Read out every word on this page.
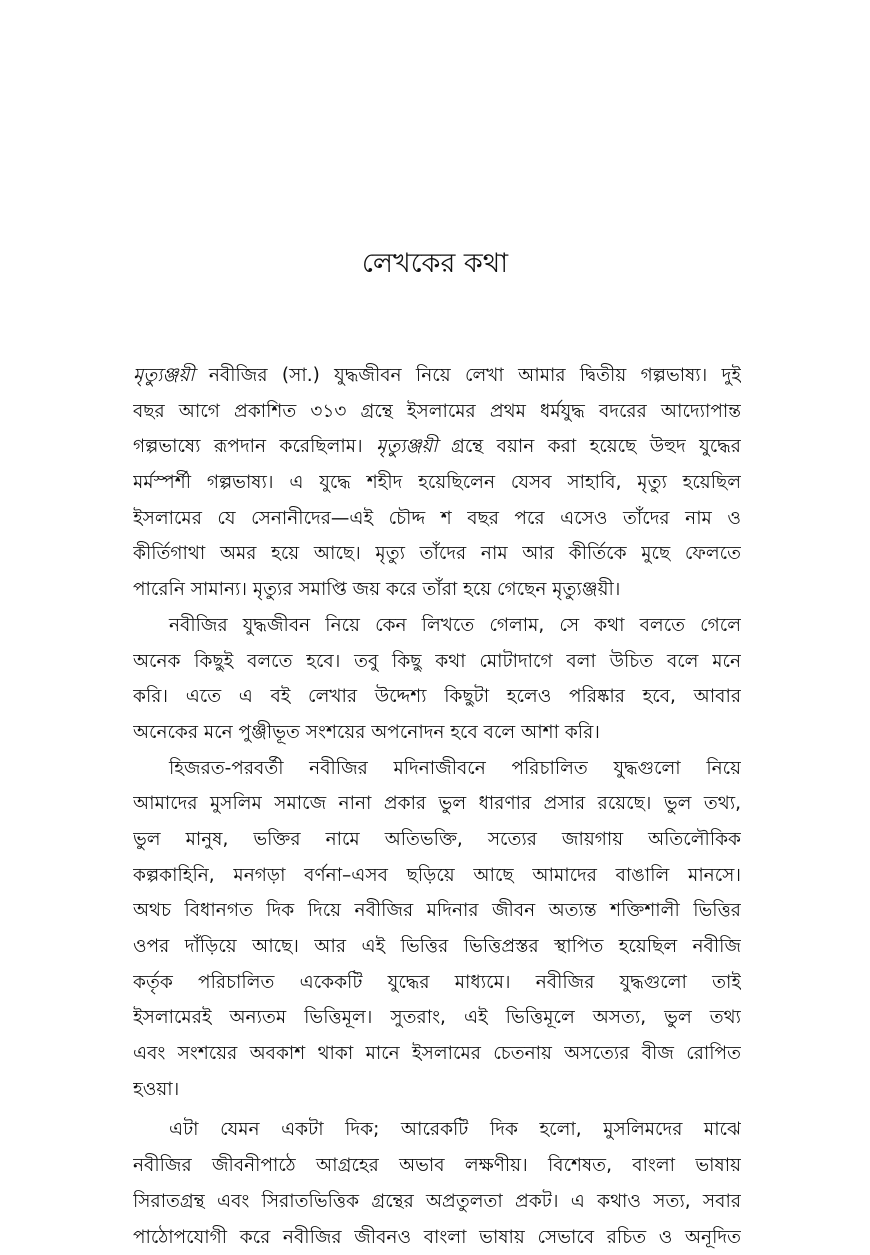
লেখকের কথা

মৃত্যুঞ্জয়ী নবীজির (সা.) যুদ্ধজীবন নিয়ে লেখা আমার দ্বিতীয় গল্পভাষ্য। দুই
বছর আগে প্রকাশিত ৩১৩ গ্রন্থে ইসলামের প্রথম ধর্মযুদ্ধ বদরের আদ্যোপান্ত
গল্পভাষ্যে রূপদান করেছিলাম। মৃত্যুঞ্জয়ী গ্রন্থে বয়ান করা হয়েছে উহুদ যুদ্ধের
মর্মস্পর্শী গল্পভাষ্য। এ যুদ্ধে শহীদ হয়েছিলেন যেসব সাহাবি, মৃত্যু হয়েছিল
ইসলামের যে সেনানীদের—এই চৌদ্দ শ বছর পরে এসেও তাঁদের নাম ও
কীর্তিগাথা অমর হয়ে আছে। মৃত্যু তাঁদের নাম আর কীর্তিকে মুছে ফেলতে
পারেনি সামান্য। মৃত্যুর সমাপ্তি জয় করে তাঁরা হয়ে গেছেন মৃত্যুঞ্জয়ী।

নবীজির যুদ্ধজীবন নিয়ে কেন লিখতে গেলাম, সে কথা বলতে গেলে
অনেক কিছুই বলতে হবে। তবু কিছু কথা মোটাদাগে বলা উচিত বলে মনে
করি। এতে এ বই লেখার উদ্দেশ্য কিছুটা হলেও পরিষ্কার হবে, আবার
অনেকের মনে পুঞ্জীভূত সংশয়ের অপনোদন হবে বলে আশা করি।

হিজরত-পরবর্তী নবীজির মদিনাজীবনে পরিচালিত যুদ্ধগুলো নিয়ে
আমাদের মুসলিম সমাজে নানা প্রকার ভুল ধারণার প্রসার রয়েছে। ভুল তথ্য,
ভুল মানুষ, ভক্তির নামে অতিভক্তি, সত্যের জায়গায় অতিলৌকিক
কল্পকাহিনি, মনগড়া বর্ণনা–এসব ছড়িয়ে আছে আমাদের বাঙালি মানসে।
অথচ বিধানগত দিক দিয়ে নবীজির মদিনার জীবন অত্যন্ত শক্তিশালী ভিত্তির
ওপর দাঁড়িয়ে আছে। আর এই ভিত্তির ভিত্তিপ্রস্তর স্থাপিত হয়েছিল নবীজি
কর্তৃক পরিচালিত একেকটি যুদ্ধের মাধ্যমে। নবীজির যুদ্ধগুলো তাই
ইসলামেরই অন্যতম ভিত্তিমূল। সুতরাং, এই ভিত্তিমূলে অসত্য, ভুল তথ্য
এবং সংশয়ের অবকাশ থাকা মানে ইসলামের চেতনায় অসত্যের বীজ রোপিত
হওয়া।

এটা যেমন একটা দিক; আরেকটি দিক হলো, মুসলিমদের মাঝে
নবীজির জীবনীপাঠে আগ্রহের অভাব লক্ষণীয়। বিশেষত, বাংলা ভাষায়
সিরাতগ্রন্থ এবং সিরাতভিত্তিক গ্রন্থের অপ্রতুলতা প্রকট। এ কথাও সত্য, সবার
পাঠোপযোগী করে নবীজির জীবনও বাংলা ভাষায় সেভাবে রচিত ও অনূদিত
